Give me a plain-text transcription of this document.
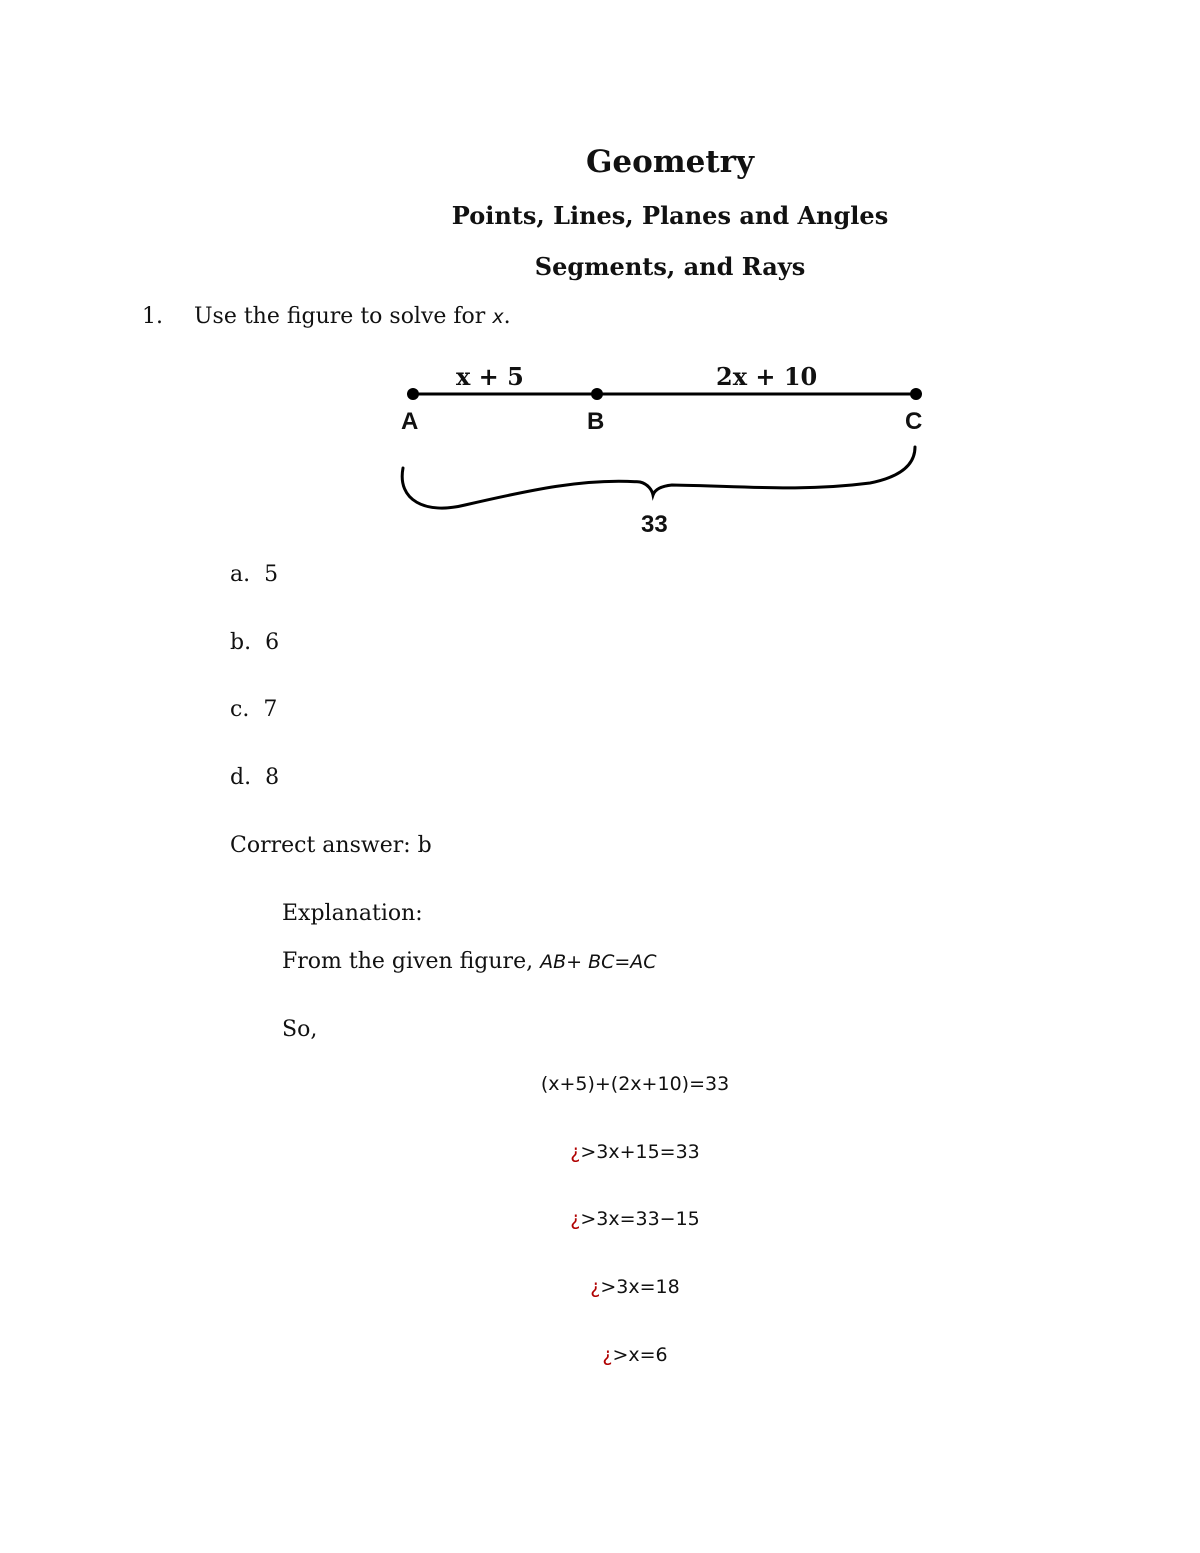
Geometry
Points, Lines, Planes and Angles
Segments, and Rays
1. Use the figure to solve for x.
x + 5	2x + 10
A	B	C
33
a. 5
b. 6
c. 7
d. 8
Correct answer: b
Explanation:
From the given figure, AB+ BC=AC
So,
(x+5)+(2x+10)=33
¿>3x+15=33
¿>3x=33−15
¿>3x=18
¿>x=6
